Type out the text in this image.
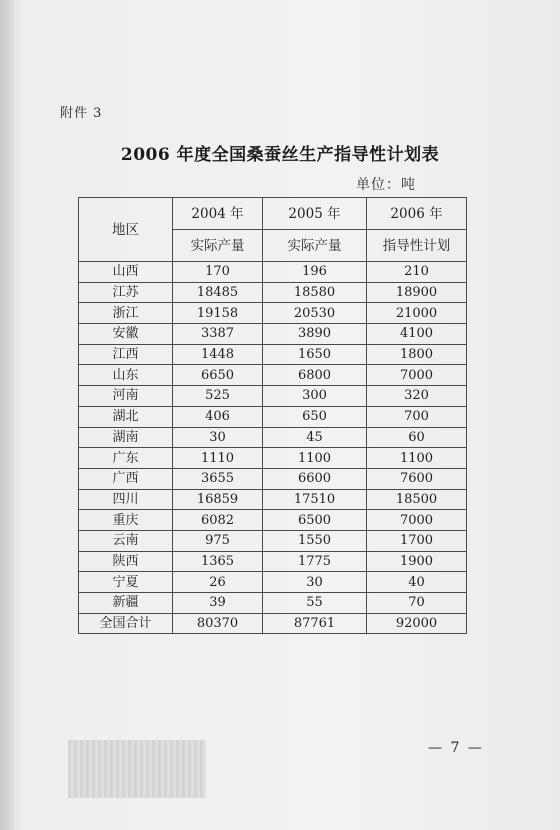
附件 3
2006 年度全国桑蚕丝生产指导性计划表
单位：吨
地区	2004 年	2005 年	2006 年
	实际产量	实际产量	指导性计划
山西	170	196	210
江苏	18485	18580	18900
浙江	19158	20530	21000
安徽	3387	3890	4100
江西	1448	1650	1800
山东	6650	6800	7000
河南	525	300	320
湖北	406	650	700
湖南	30	45	60
广东	1110	1100	1100
广西	3655	6600	7600
四川	16859	17510	18500
重庆	6082	6500	7000
云南	975	1550	1700
陕西	1365	1775	1900
宁夏	26	30	40
新疆	39	55	70
全国合计	80370	87761	92000
— 7 —
